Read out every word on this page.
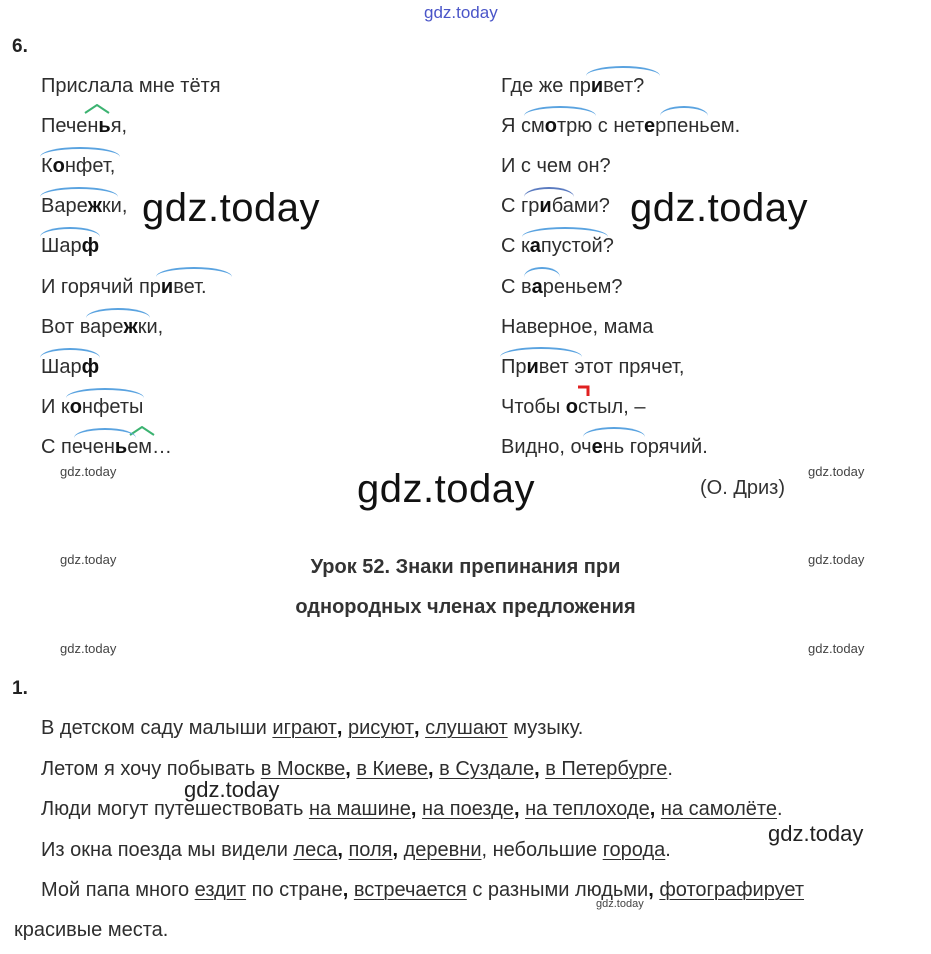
gdz.today
6.
Прислала мне тётя
Печенья,
Конфет,
Варежки,
Шарф
И горячий привет.
Вот варежки,
Шарф
И конфеты
С печеньем…
Где же привет?
Я смотрю с нетерпеньем.
И с чем он?
С грибами?
С капустой?
С вареньем?
Наверное, мама
Привет этот прячет,
Чтобы остыл, –
Видно, очень горячий.
(О. Дриз)
gdz.today	gdz.today
gdz.today
gdz.today	gdz.today
gdz.today	gdz.today
gdz.today	gdz.today
gdz.today
Урок 52. Знаки препинания при
однородных членах предложения
1.
В детском саду малыши играют, рисуют, слушают музыку.
Летом я хочу побывать в Москве, в Киеве, в Суздале, в Петербурге.
gdz.today
Люди могут путешествовать на машине, на поезде, на теплоходе, на самолёте.
gdz.today
Из окна поезда мы видели леса, поля, деревни, небольшие города.
Мой папа много ездит по стране, встречается с разными людьми, фотографирует
красивые места.
